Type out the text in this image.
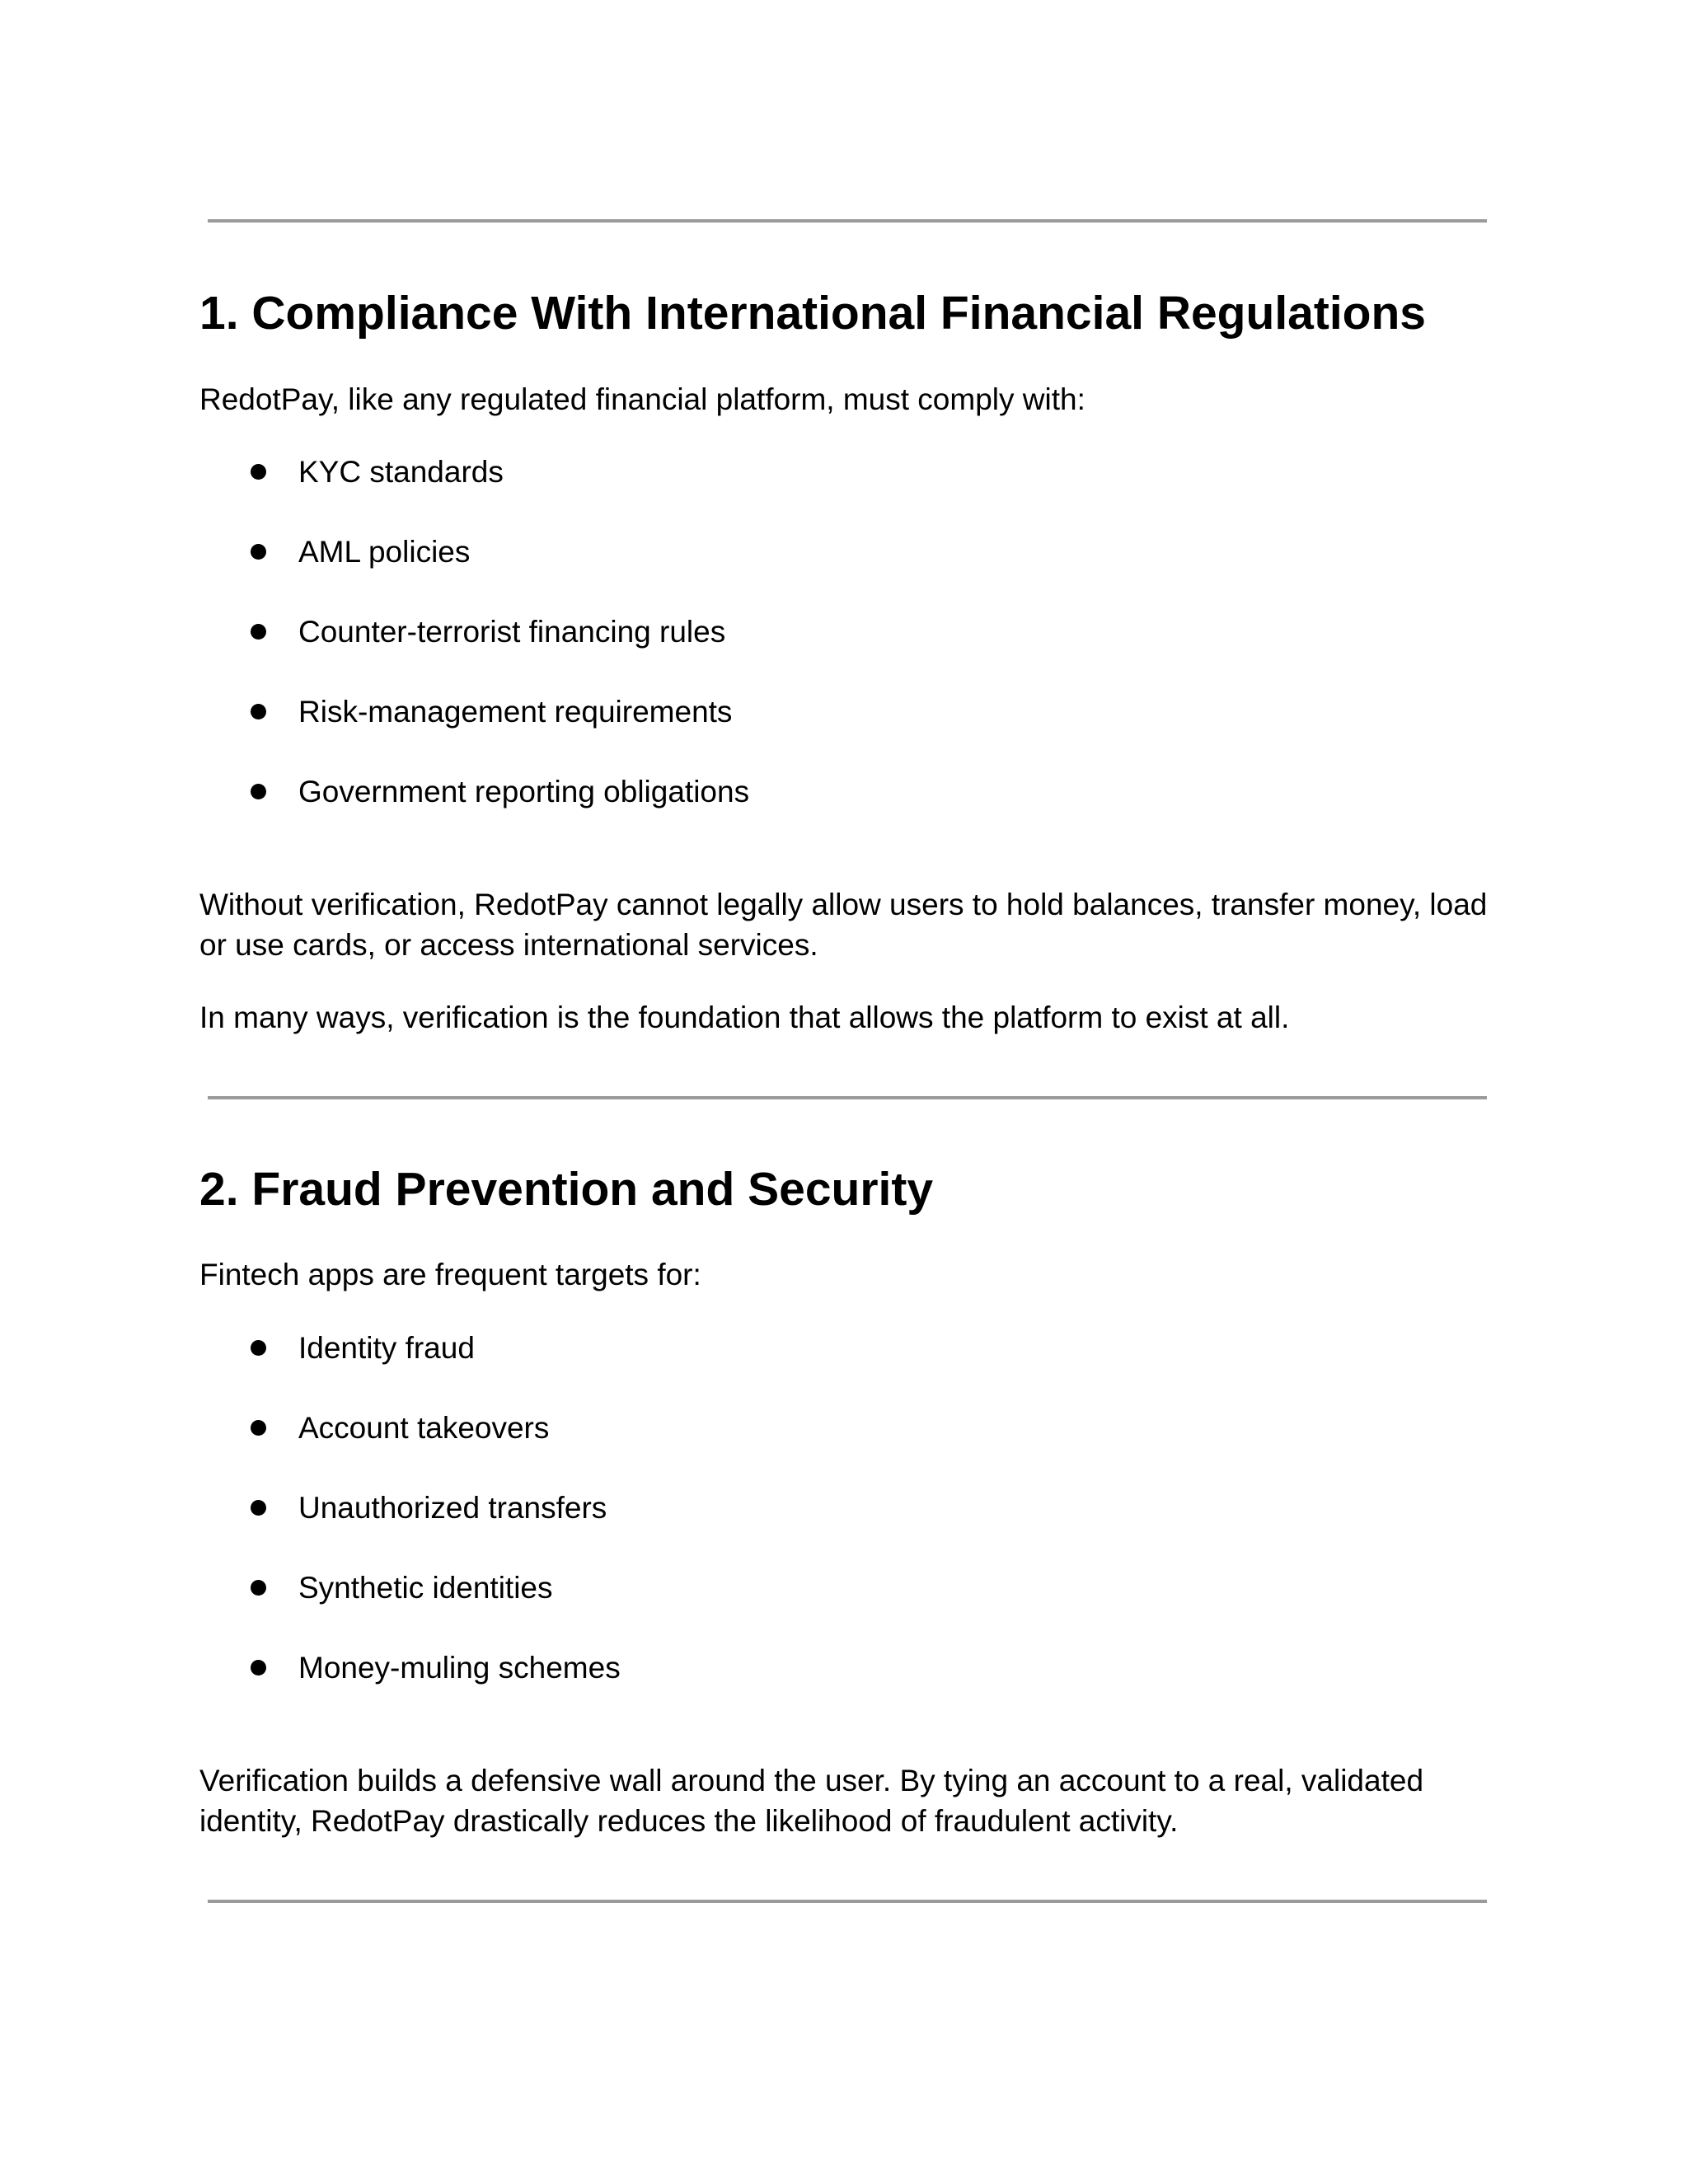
1. Compliance With International Financial Regulations

RedotPay, like any regulated financial platform, must comply with:

KYC standards
AML policies
Counter-terrorist financing rules
Risk-management requirements
Government reporting obligations

Without verification, RedotPay cannot legally allow users to hold balances, transfer money, load or use cards, or access international services.

In many ways, verification is the foundation that allows the platform to exist at all.

2. Fraud Prevention and Security

Fintech apps are frequent targets for:

Identity fraud
Account takeovers
Unauthorized transfers
Synthetic identities
Money-muling schemes

Verification builds a defensive wall around the user. By tying an account to a real, validated identity, RedotPay drastically reduces the likelihood of fraudulent activity.
